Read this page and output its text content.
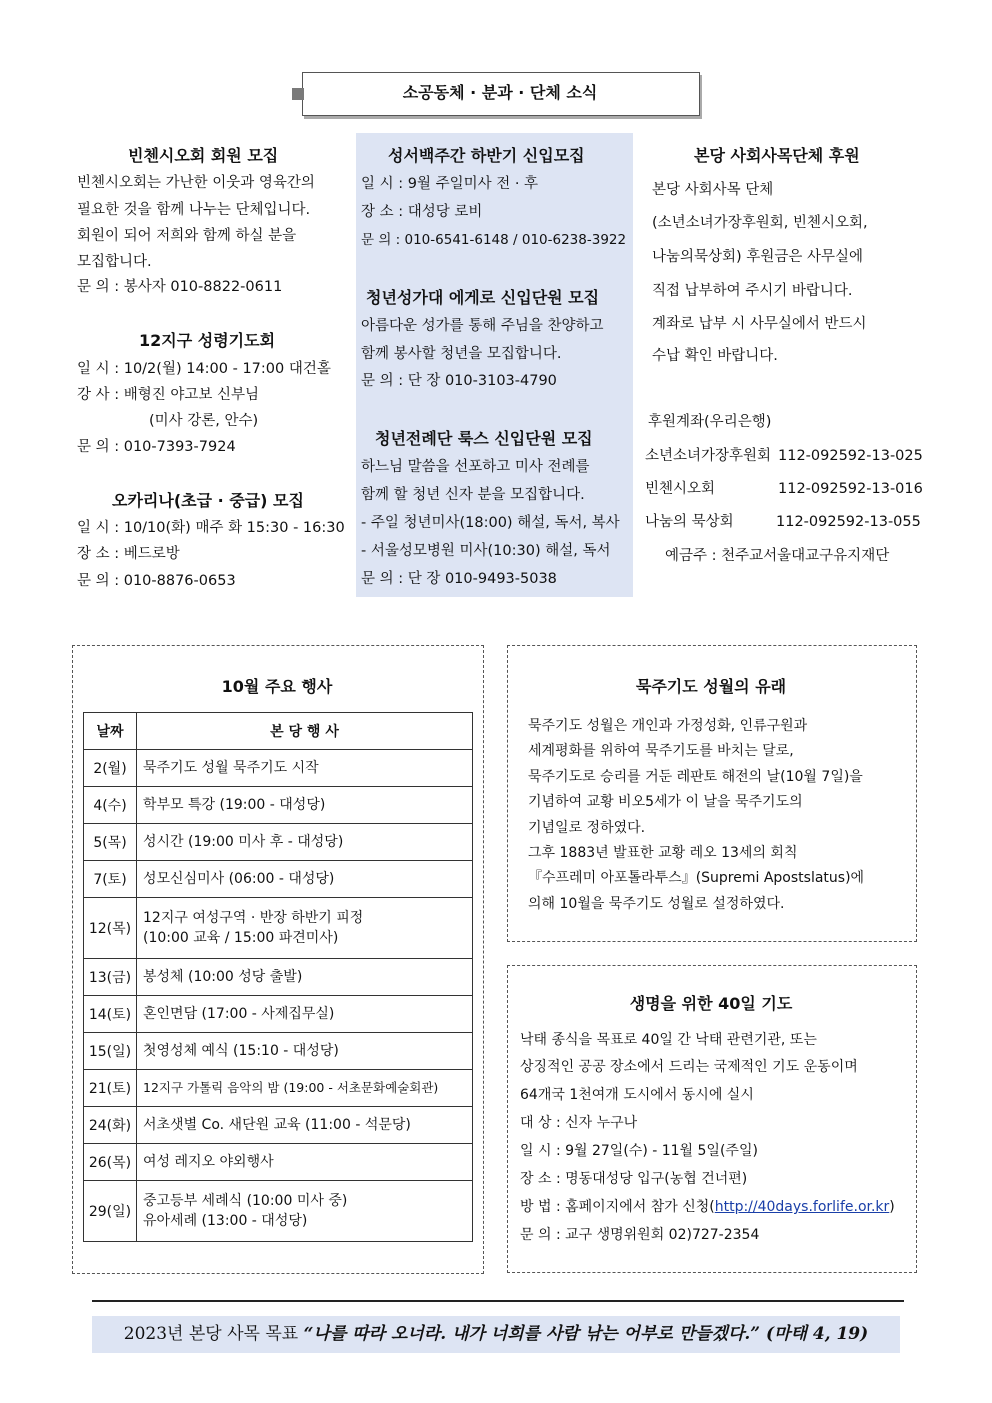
소공동체 · 분과 · 단체 소식
빈첸시오회 회원 모집
빈첸시오회는 가난한 이웃과 영육간의
필요한 것을 함께 나누는 단체입니다.
회원이 되어 저희와 함께 하실 분을
모집합니다.
문 의 : 봉사자 010-8822-0611
12지구 성령기도회
일 시 : 10/2(월) 14:00 - 17:00 대건홀
강 사 : 배형진 야고보 신부님
(미사 강론, 안수)
문 의 : 010-7393-7924
오카리나(초급 · 중급) 모집
일 시 : 10/10(화) 매주 화 15:30 - 16:30
장 소 : 베드로방
문 의 : 010-8876-0653
성서백주간 하반기 신입모집
일 시 : 9월 주일미사 전 · 후
장 소 : 대성당 로비
문 의 : 010-6541-6148 / 010-6238-3922
청년성가대 에게로 신입단원 모집
아름다운 성가를 통해 주님을 찬양하고
함께 봉사할 청년을 모집합니다.
문 의 : 단 장 010-3103-4790
청년전례단 룩스 신입단원 모집
하느님 말씀을 선포하고 미사 전례를
함께 할 청년 신자 분을 모집합니다.
- 주일 청년미사(18:00) 해설, 독서, 복사
- 서울성모병원 미사(10:30) 해설, 독서
문 의 : 단 장 010-9493-5038
본당 사회사목단체 후원
본당 사회사목 단체
(소년소녀가장후원회, 빈첸시오회,
나눔의묵상회) 후원금은 사무실에
직접 납부하여 주시기 바랍니다.
계좌로 납부 시 사무실에서 반드시
수납 확인 바랍니다.
후원계좌(우리은행)
소년소녀가장후원회 112-092592-13-025
빈첸시오회	112-092592-13-016
나눔의 묵상회	112-092592-13-055
예금주 : 천주교서울대교구유지재단
10월 주요 행사
날짜	본 당 행 사
2(월)	묵주기도 성월 묵주기도 시작
4(수)	학부모 특강 (19:00 - 대성당)
5(목)	성시간 (19:00 미사 후 - 대성당)
7(토)	성모신심미사 (06:00 - 대성당)
12(목)	12지구 여성구역 · 반장 하반기 피정
(10:00 교육 / 15:00 파견미사)

13(금)	봉성체 (10:00 성당 출발)
14(토)	혼인면담 (17:00 - 사제집무실)
15(일)	첫영성체 예식 (15:10 - 대성당)
21(토)	12지구 가톨릭 음악의 밤 (19:00 - 서초문화예술회관)
24(화)	서초샛별 Co. 새단원 교육 (11:00 - 석문당)
26(목)	여성 레지오 야외행사
29(일)	중고등부 세례식 (10:00 미사 중)
유아세례 (13:00 - 대성당)
묵주기도 성월의 유래
묵주기도 성월은 개인과 가정성화, 인류구원과
세계평화를 위하여 묵주기도를 바치는 달로,
묵주기도로 승리를 거둔 레판토 해전의 날(10월 7일)을
기념하여 교황 비오5세가 이 날을 묵주기도의
기념일로 정하였다.
그후 1883년 발표한 교황 레오 13세의 회칙
『수프레미 아포톨라투스』(Supremi Apostslatus)에
의해 10월을 묵주기도 성월로 설정하였다.
생명을 위한 40일 기도
낙태 종식을 목표로 40일 간 낙태 관련기관, 또는
상징적인 공공 장소에서 드리는 국제적인 기도 운동이며
64개국 1천여개 도시에서 동시에 실시
대 상 : 신자 누구나
일 시 : 9월 27일(수) - 11월 5일(주일)
장 소 : 명동대성당 입구(농협 건너편)
방 법 : 홈페이지에서 참가 신청(http://40days.forlife.or.kr)
문 의 : 교구 생명위원회 02)727-2354
2023년 본당 사목 목표 “나를 따라 오너라. 내가 너희를 사람 낚는 어부로 만들겠다.” (마태 4, 19)
